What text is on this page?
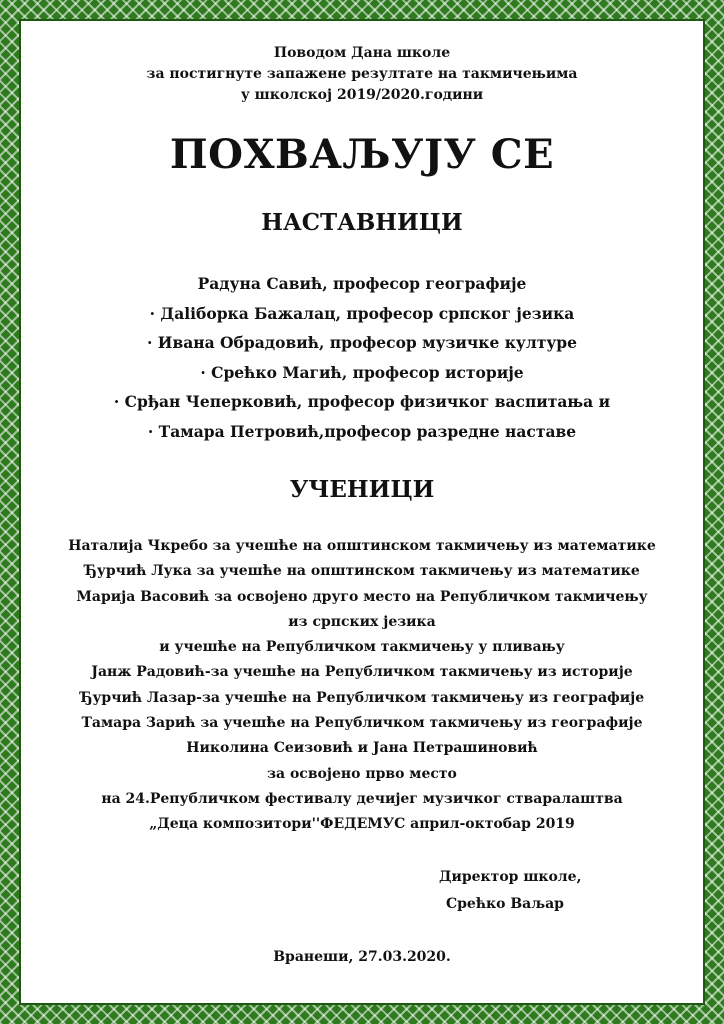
Поводом Дана школе
за постигнуте запажене резултате на такмичењима
у школској 2019/2020.години
ПОХВАЉУЈУ СЕ
НАСТАВНИЦИ
Радуна Савић, професор географије
· Даliборка Бажалац, професор српског језика
· Ивана Обрадовић, професор музичке културе
· Срећко Магић, професор историје
· Срђан Чеперковић, професор физичког васпитања и
· Тамара Петровић,професор разредне наставе
УЧЕНИЦИ
Наталија Чкребо за учешће на општинском такмичењу из математике
Ђурчић Лука за учешће на општинском такмичењу из математике
Марија Васовић за освојено друго место на Републичком такмичењу
из српских језика
и учешће на Републичком такмичењу у пливању
Јанж Радовић-за учешће на Републичком такмичењу из историје
Ђурчић Лазар-за учешће на Републичком такмичењу из географије
Тамара Зарић за учешће на Републичком такмичењу из географије
Николина Сеизовић и Јана Петрашиновић
за освојено прво место
на 24.Републичком фестивалу дечијег музичког стваралаштва
„Деца композитори''ФЕДЕМУС април-октобар 2019
Директор школе,
Срећко Ваљар
Вранеши, 27.03.2020.
